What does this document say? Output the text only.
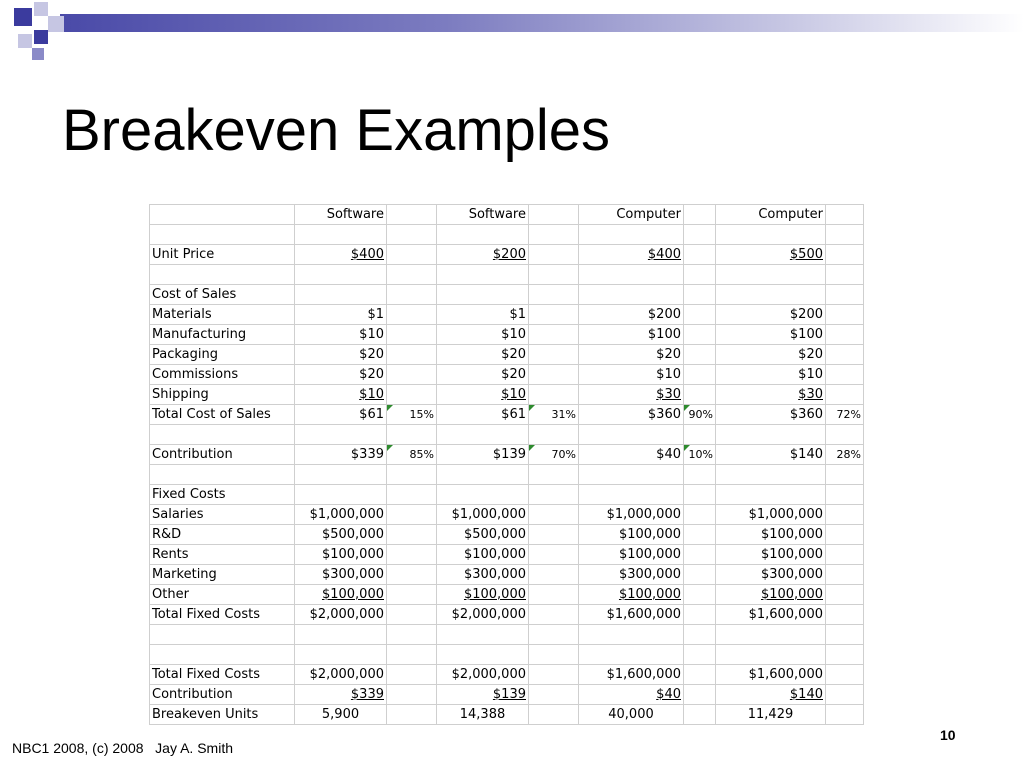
Breakeven Examples
	Software		Software		Computer		Computer	

Unit Price	$400		$200		$400		$500	

Cost of Sales								
Materials	$1		$1		$200		$200	
Manufacturing	$10		$10		$100		$100	
Packaging	$20		$20		$20		$20	
Commissions	$20		$20		$10		$10	
Shipping	$10		$10		$30		$30	
Total Cost of Sales	$61	15%	$61	31%	$360	90%	$360	72%

Contribution	$339	85%	$139	70%	$40	10%	$140	28%

Fixed Costs								
Salaries	$1,000,000		$1,000,000		$1,000,000		$1,000,000	
R&D	$500,000		$500,000		$100,000		$100,000	
Rents	$100,000		$100,000		$100,000		$100,000	
Marketing	$300,000		$300,000		$300,000		$300,000	
Other	$100,000		$100,000		$100,000		$100,000	
Total Fixed Costs	$2,000,000		$2,000,000		$1,600,000		$1,600,000	

Total Fixed Costs	$2,000,000		$2,000,000		$1,600,000		$1,600,000	
Contribution	$339		$139		$40		$140	
Breakeven Units	5,900		14,388		40,000		11,429	
NBC1 2008, (c) 2008   Jay A. Smith
10
